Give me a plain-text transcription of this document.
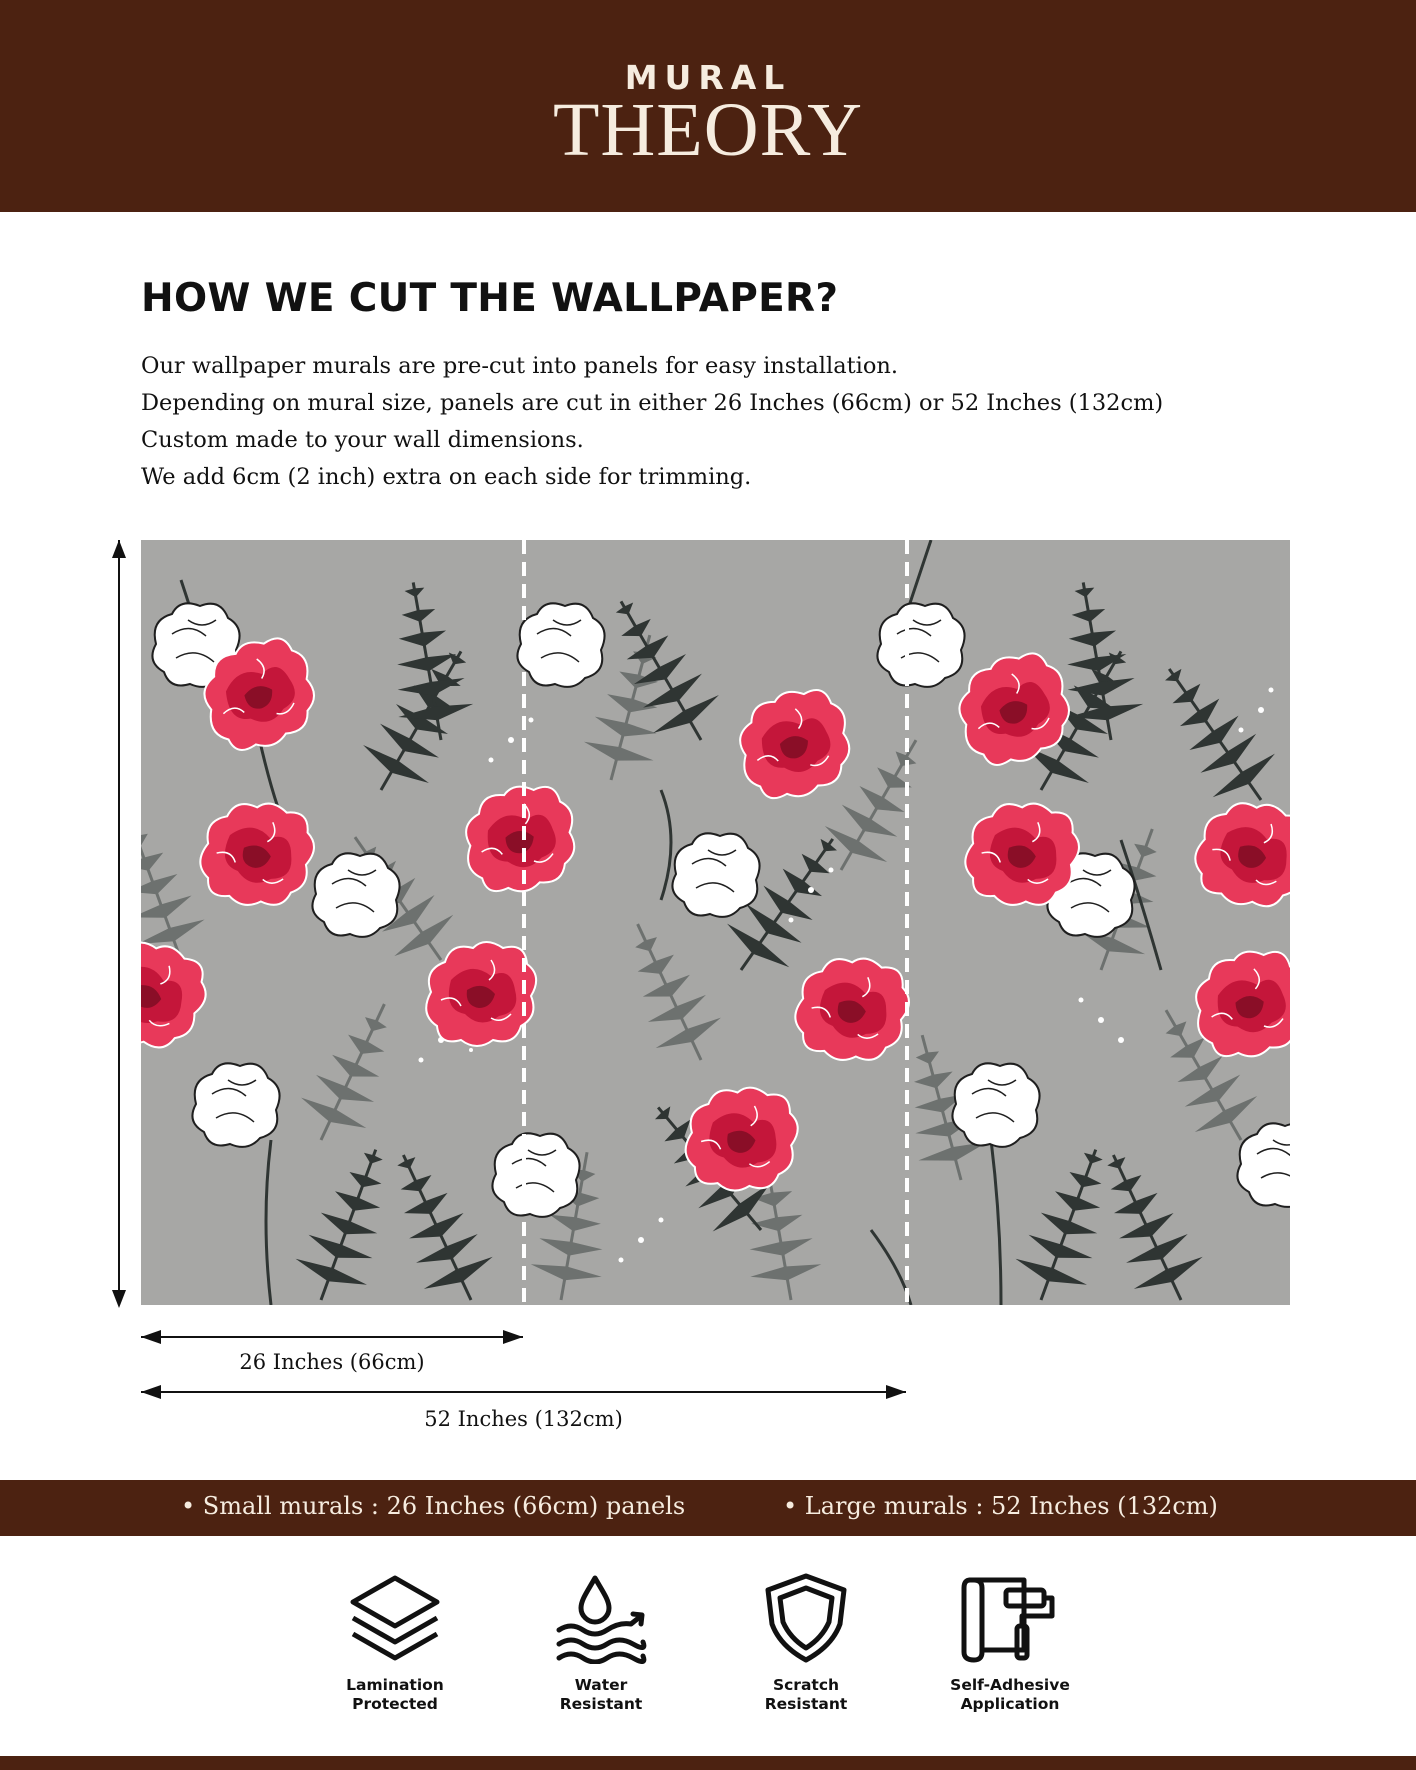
MURAL
THEORY
HOW WE CUT THE WALLPAPER?
Our wallpaper murals are pre-cut into panels for easy installation.
Depending on mural size, panels are cut in either 26 Inches (66cm) or 52 Inches (132cm)
Custom made to your wall dimensions.
We add 6cm (2 inch) extra on each side for trimming.
26 Inches (66cm)
52 Inches (132cm)
• Small murals : 26 Inches (66cm) panels	• Large murals : 52 Inches (132cm)
Lamination
Protected
Water
Resistant
Scratch
Resistant
Self-Adhesive
Application
